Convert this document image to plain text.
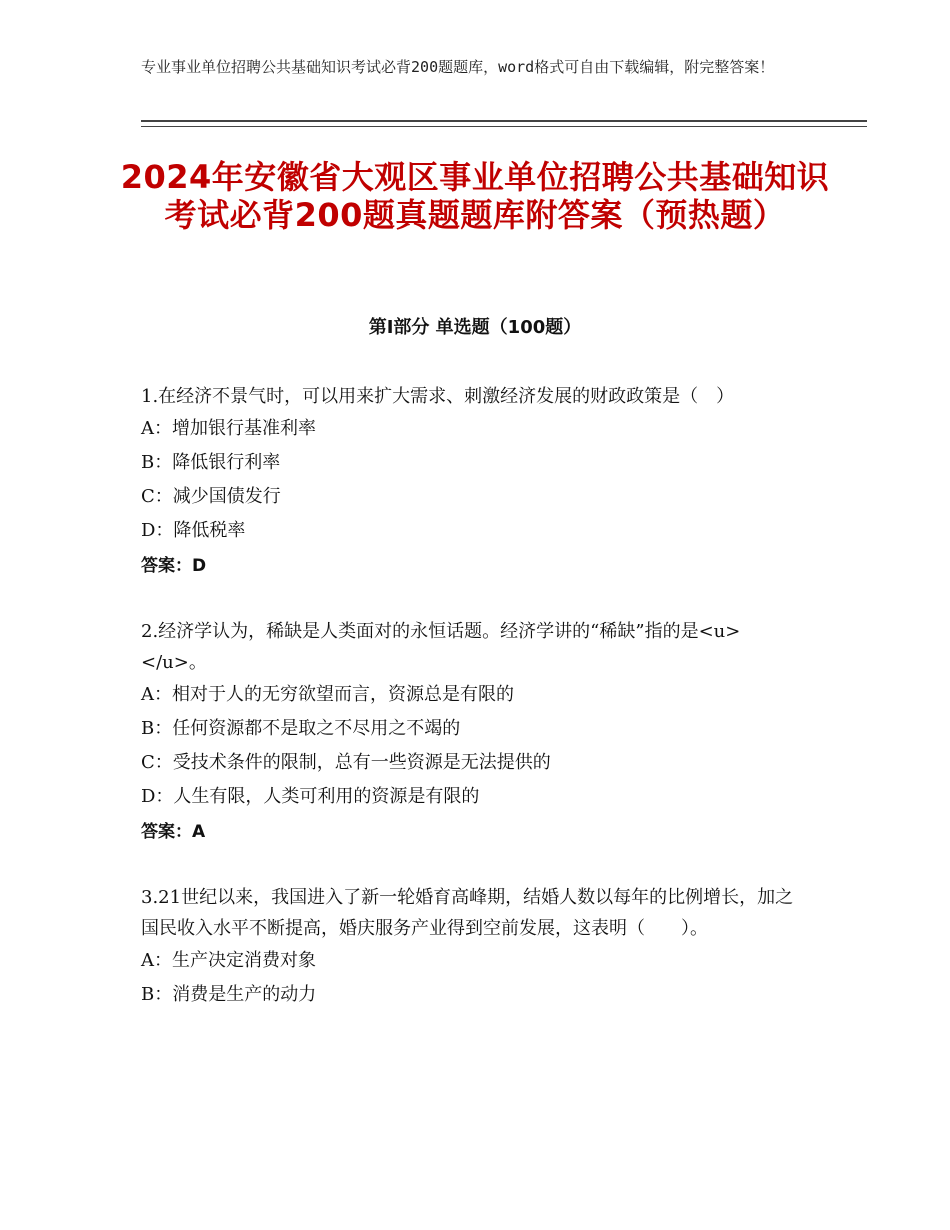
专业事业单位招聘公共基础知识考试必背200题题库，word格式可自由下载编辑，附完整答案！
2024年安徽省大观区事业单位招聘公共基础知识考试必背200题真题题库附答案（预热题）
第Ⅰ部分 单选题（100题）

1.在经济不景气时，可以用来扩大需求、刺激经济发展的财政政策是（　）

A：增加银行基准利率

B：降低银行利率

C：减少国债发行

D：降低税率

答案：D

2.经济学认为，稀缺是人类面对的永恒话题。经济学讲的“稀缺”指的是<u>　　　</u>。

A：相对于人的无穷欲望而言，资源总是有限的

B：任何资源都不是取之不尽用之不竭的

C：受技术条件的限制，总有一些资源是无法提供的

D：人生有限，人类可利用的资源是有限的

答案：A

3.21世纪以来，我国进入了新一轮婚育高峰期，结婚人数以每年的比例增长，加之国民收入水平不断提高，婚庆服务产业得到空前发展，这表明（　　）。

A：生产决定消费对象

B：消费是生产的动力
